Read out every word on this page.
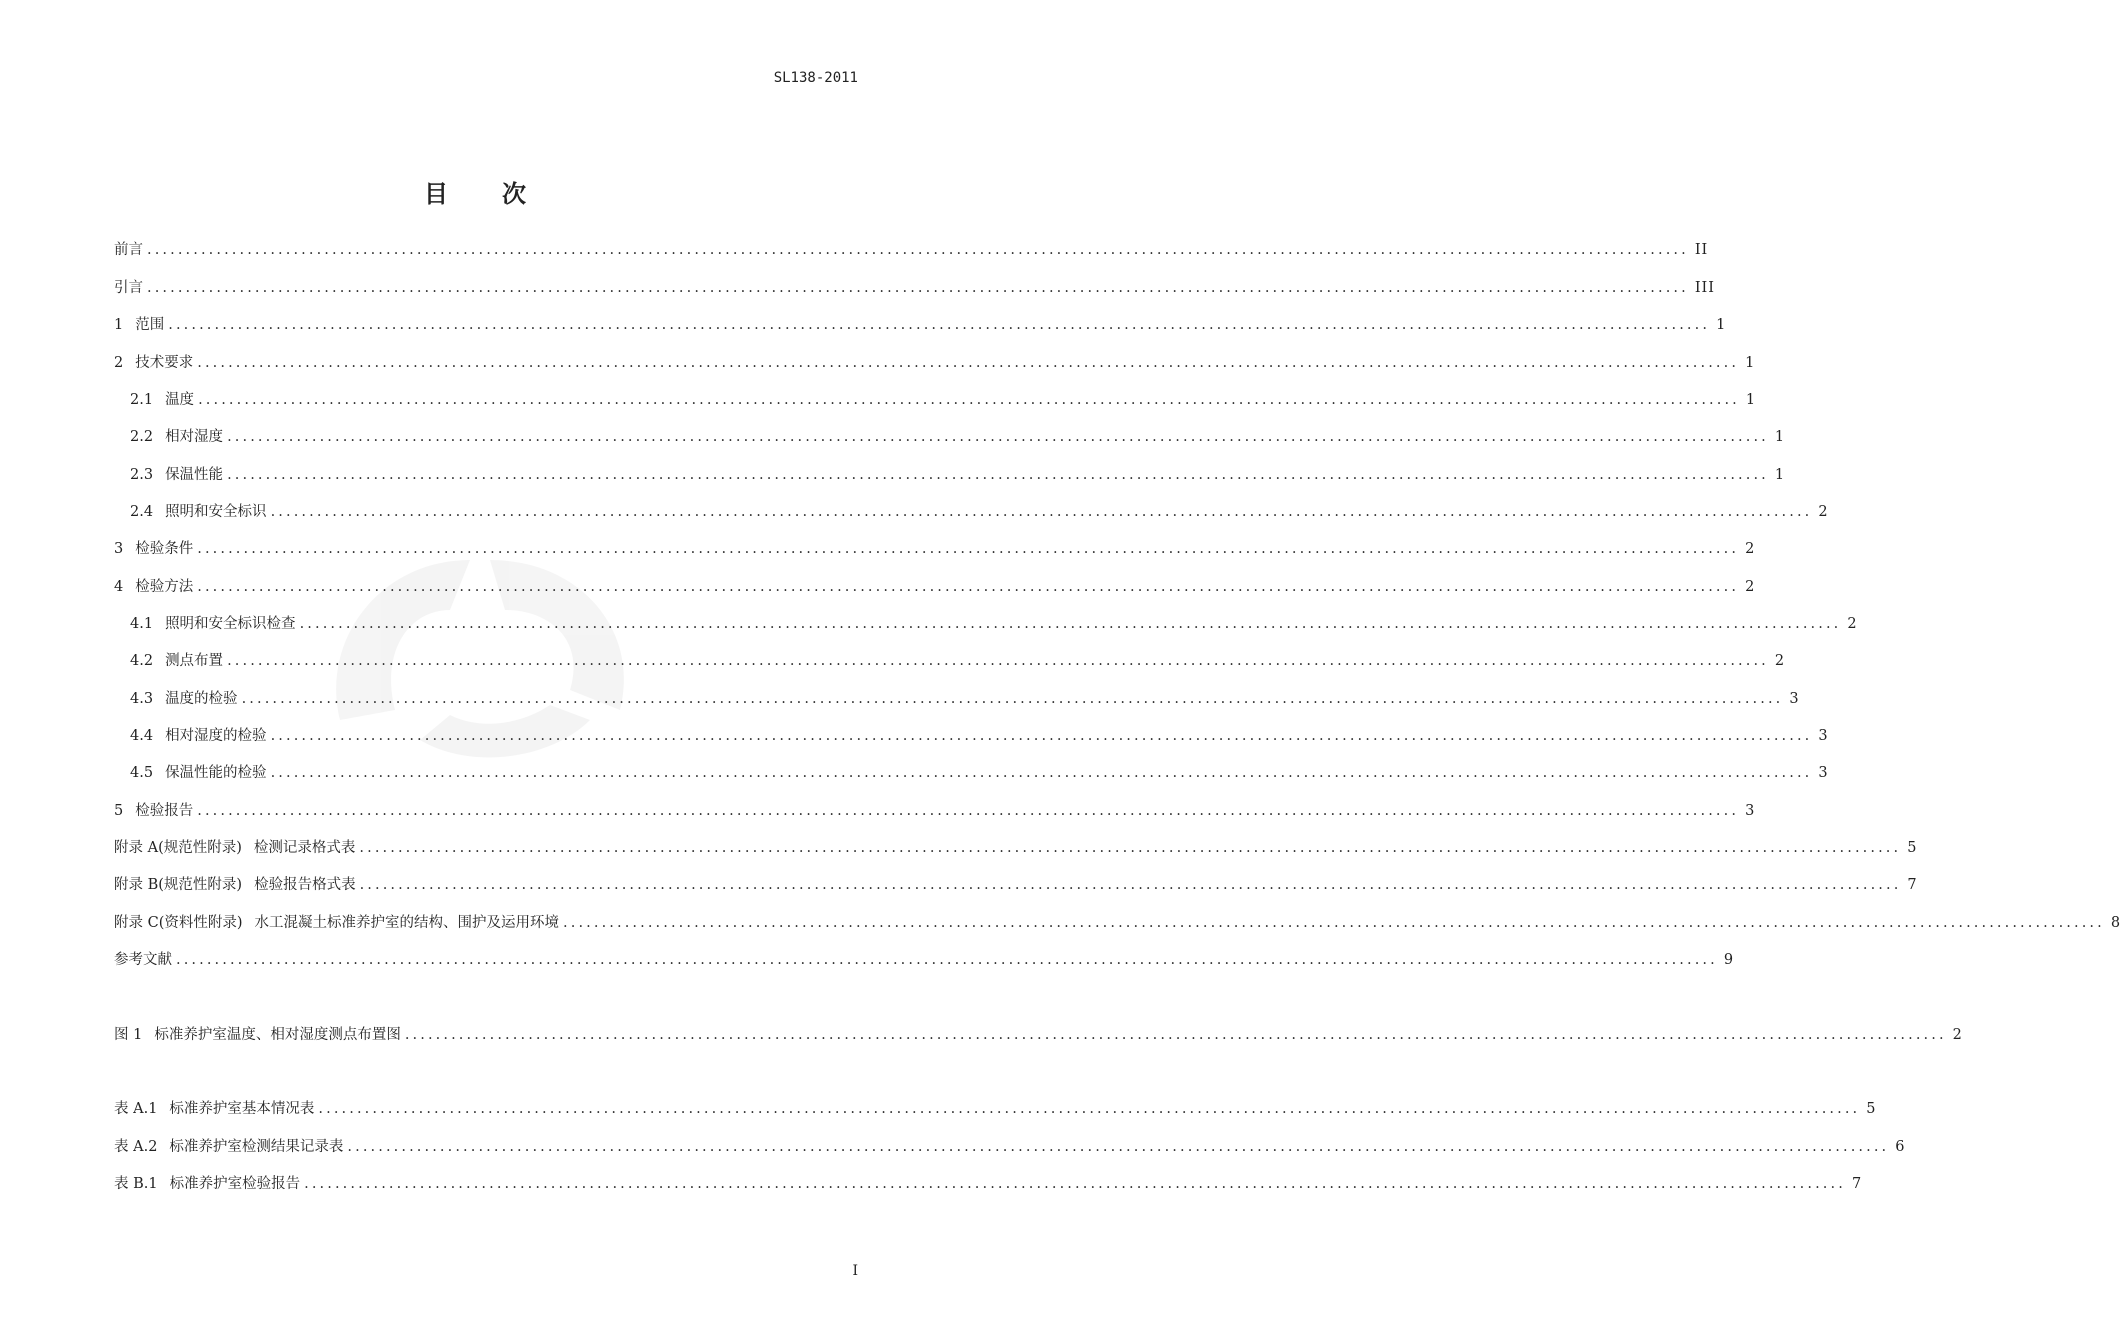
SL138-2011
目 次
前言 ........................................................................................................................................................................................................ II
引言 ........................................................................................................................................................................................................ III
1 范围 ........................................................................................................................................................................................................ 1
2 技术要求 ........................................................................................................................................................................................................ 1
2.1 温度 ........................................................................................................................................................................................................ 1
2.2 相对湿度 ........................................................................................................................................................................................................ 1
2.3 保温性能 ........................................................................................................................................................................................................ 1
2.4 照明和安全标识 ........................................................................................................................................................................................................ 2
3 检验条件 ........................................................................................................................................................................................................ 2
4 检验方法 ........................................................................................................................................................................................................ 2
4.1 照明和安全标识检查 ........................................................................................................................................................................................................ 2
4.2 测点布置 ........................................................................................................................................................................................................ 2
4.3 温度的检验 ........................................................................................................................................................................................................ 3
4.4 相对湿度的检验 ........................................................................................................................................................................................................ 3
4.5 保温性能的检验 ........................................................................................................................................................................................................ 3
5 检验报告 ........................................................................................................................................................................................................ 3
附录 A(规范性附录) 检测记录格式表 ........................................................................................................................................................................................................ 5
附录 B(规范性附录) 检验报告格式表 ........................................................................................................................................................................................................ 7
附录 C(资料性附录) 水工混凝土标准养护室的结构、围护及运用环境 ........................................................................................................................................................................................................ 8
参考文献 ........................................................................................................................................................................................................ 9
图 1 标准养护室温度、相对湿度测点布置图 ........................................................................................................................................................................................................ 2
表 A.1 标准养护室基本情况表 ........................................................................................................................................................................................................ 5
表 A.2 标准养护室检测结果记录表 ........................................................................................................................................................................................................ 6
表 B.1 标准养护室检验报告 ........................................................................................................................................................................................................ 7
I
